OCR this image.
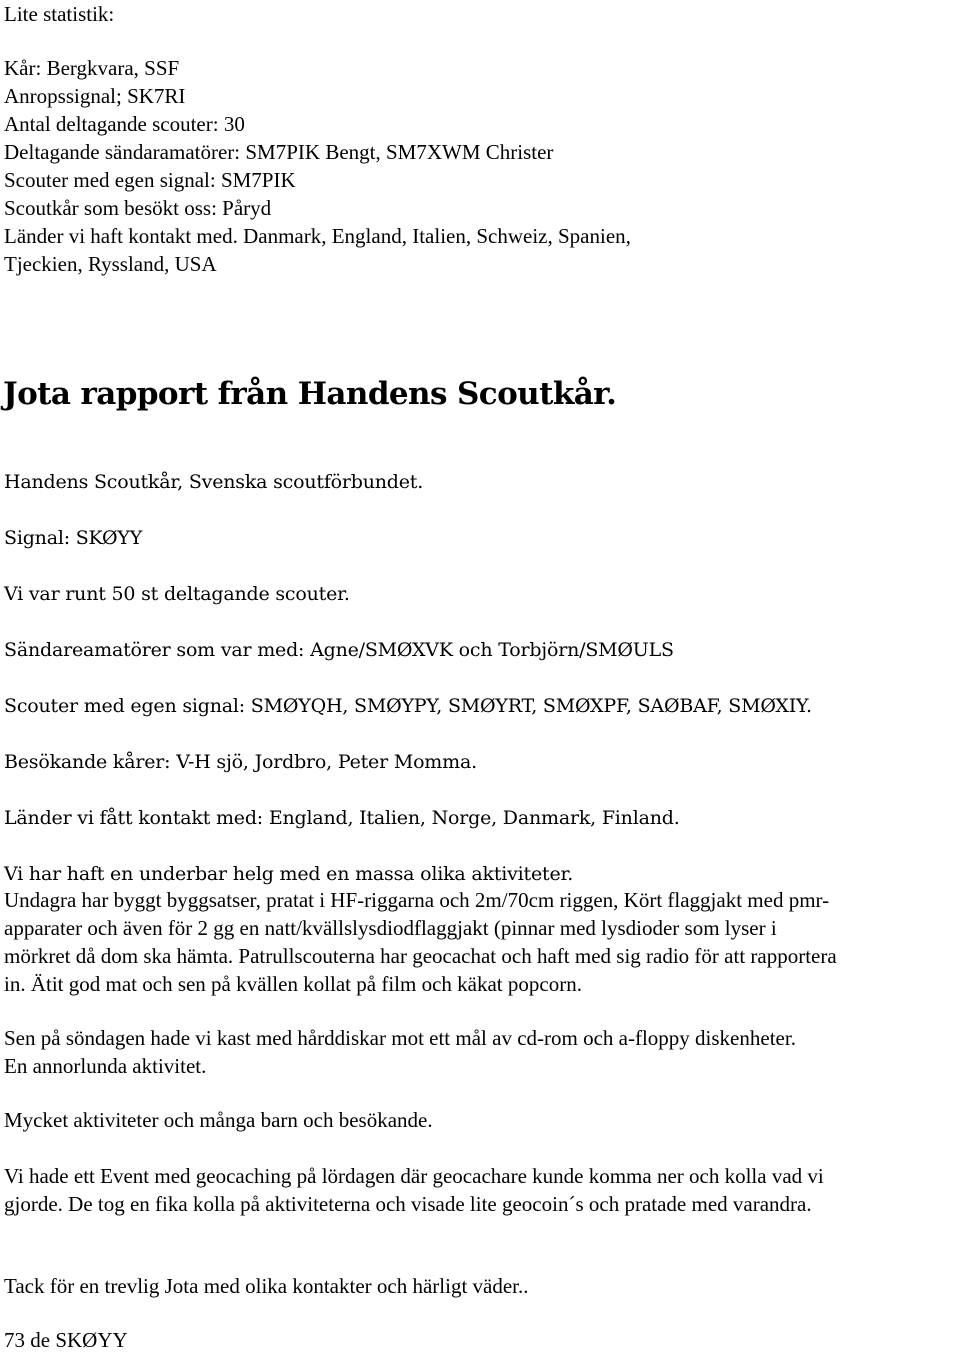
Lite statistik:

Kår: Bergkvara, SSF

Anropssignal; SK7RI

Antal deltagande scouter: 30

Deltagande sändaramatörer: SM7PIK Bengt, SM7XWM Christer

Scouter med egen signal: SM7PIK

Scoutkår som besökt oss: Påryd

Länder vi haft kontakt med. Danmark, England, Italien, Schweiz, Spanien,

Tjeckien, Ryssland, USA

Jota rapport från Handens Scoutkår.

Handens Scoutkår, Svenska scoutförbundet.

Signal: SKØYY

Vi var runt 50 st deltagande scouter.

Sändareamatörer som var med: Agne/SMØXVK och Torbjörn/SMØULS

Scouter med egen signal: SMØYQH, SMØYPY, SMØYRT, SMØXPF, SAØBAF, SMØXIY.

Besökande kårer: V-H sjö, Jordbro, Peter Momma.

Länder vi fått kontakt med: England, Italien, Norge, Danmark, Finland.

Vi har haft en underbar helg med en massa olika aktiviteter.

Undagra har byggt byggsatser, pratat i HF-riggarna och 2m/70cm riggen, Kört flaggjakt med pmr-

apparater och även för 2 gg en natt/kvällslysdiodflaggjakt (pinnar med lysdioder som lyser i

mörkret då dom ska hämta. Patrullscouterna har geocachat och haft med sig radio för att rapportera

in. Ätit god mat och sen på kvällen kollat på film och käkat popcorn.

Sen på söndagen hade vi kast med hårddiskar mot ett mål av cd-rom och a-floppy diskenheter.

En annorlunda aktivitet.

Mycket aktiviteter och många barn och besökande.

Vi hade ett Event med geocaching på lördagen där geocachare kunde komma ner och kolla vad vi

gjorde. De tog en fika kolla på aktiviteterna och visade lite geocoin´s och pratade med varandra.

Tack för en trevlig Jota med olika kontakter och härligt väder..

73 de SKØYY
